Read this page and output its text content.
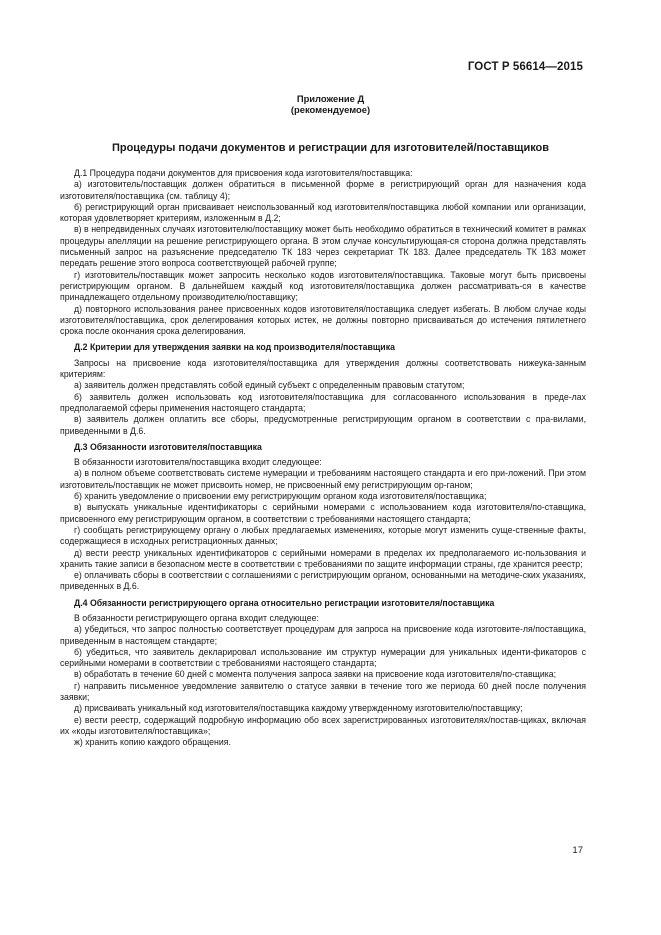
ГОСТ Р 56614—2015
Приложение Д
(рекомендуемое)
Процедуры подачи документов и регистрации для изготовителей/поставщиков

Д.1 Процедура подачи документов для присвоения кода изготовителя/поставщика:

а) изготовитель/поставщик должен обратиться в письменной форме в регистрирующий орган для назначения кода изготовителя/поставщика (см. таблицу 4);

б) регистрирующий орган присваивает неиспользованный код изготовителя/поставщика любой компании или организации, которая удовлетворяет критериям, изложенным в Д.2;

в) в непредвиденных случаях изготовителю/поставщику может быть необходимо обратиться в технический комитет в рамках процедуры апелляции на решение регистрирующего органа. В этом случае консультирующая-ся сторона должна представлять письменный запрос на разъяснение председателю ТК 183 через секретариат ТК 183. Далее председатель ТК 183 может передать решение этого вопроса соответствующей рабочей группе;

г) изготовитель/поставщик может запросить несколько кодов изготовителя/поставщика. Таковые могут быть присвоены регистрирующим органом. В дальнейшем каждый код изготовителя/поставщика должен рассматривать-ся в качестве принадлежащего отдельному производителю/поставщику;

д) повторного использования ранее присвоенных кодов изготовителя/поставщика следует избегать. В любом случае коды изготовителя/поставщика, срок делегирования которых истек, не должны повторно присваиваться до истечения пятилетнего срока после окончания срока делегирования.

Д.2 Критерии для утверждения заявки на код производителя/поставщика

Запросы на присвоение кода изготовителя/поставщика для утверждения должны соответствовать нижеука-занным критериям:

а) заявитель должен представлять собой единый субъект с определенным правовым статутом;

б) заявитель должен использовать код изготовителя/поставщика для согласованного использования в преде-лах предполагаемой сферы применения настоящего стандарта;

в) заявитель должен оплатить все сборы, предусмотренные регистрирующим органом в соответствии с пра-вилами, приведенными в Д.6.

Д.3 Обязанности изготовителя/поставщика

В обязанности изготовителя/поставщика входит следующее:

а) в полном объеме соответствовать системе нумерации и требованиям настоящего стандарта и его при-ложений. При этом изготовитель/поставщик не может присвоить номер, не присвоенный ему регистрирующим ор-ганом;

б) хранить уведомление о присвоении ему регистрирующим органом кода изготовителя/поставщика;

в) выпускать уникальные идентификаторы с серийными номерами с использованием кода изготовителя/по-ставщика, присвоенного ему регистрирующим органом, в соответствии с требованиями настоящего стандарта;

г) сообщать регистрирующему органу о любых предлагаемых изменениях, которые могут изменить суще-ственные факты, содержащиеся в исходных регистрационных данных;

д) вести реестр уникальных идентификаторов с серийными номерами в пределах их предполагаемого ис-пользования и хранить такие записи в безопасном месте в соответствии с требованиями по защите информации страны, где хранится реестр;

е) оплачивать сборы в соответствии с соглашениями с регистрирующим органом, основанными на методиче-ских указаниях, приведенных в Д.6.

Д.4 Обязанности регистрирующего органа относительно регистрации изготовителя/поставщика

В обязанности регистрирующего органа входит следующее:

а) убедиться, что запрос полностью соответствует процедурам для запроса на присвоение кода изготовите-ля/поставщика, приведенным в настоящем стандарте;

б) убедиться, что заявитель декларировал использование им структур нумерации для уникальных иденти-фикаторов с серийными номерами в соответствии с требованиями настоящего стандарта;

в) обработать в течение 60 дней с момента получения запроса заявки на присвоение кода изготовителя/по-ставщика;

г) направить письменное уведомление заявителю о статусе заявки в течение того же периода 60 дней после получения заявки;

д) присваивать уникальный код изготовителя/поставщика каждому утвержденному изготовителю/поставщику;

е) вести реестр, содержащий подробную информацию обо всех зарегистрированных изготовителях/постав-щиках, включая их «коды изготовителя/поставщика»;

ж) хранить копию каждого обращения.

17
